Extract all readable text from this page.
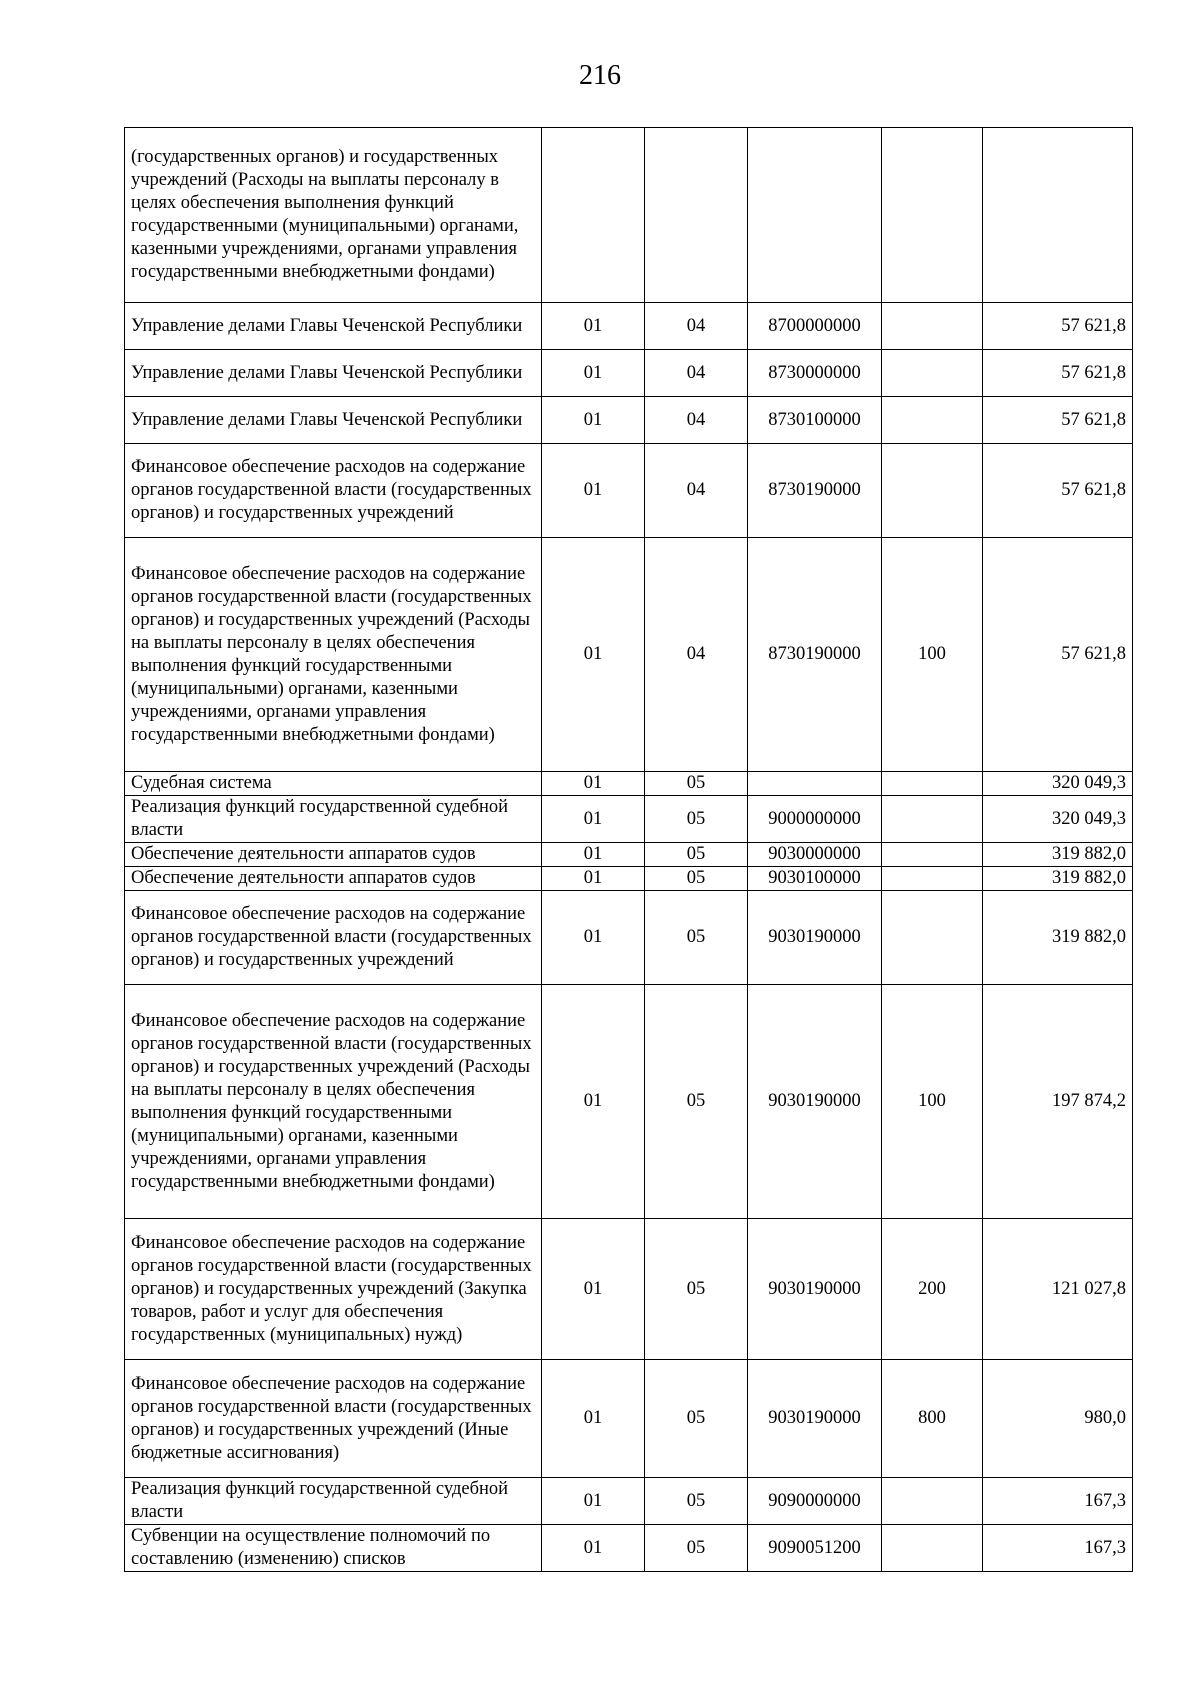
216
(государственных органов) и государственных учреждений (Расходы на выплаты персоналу в целях обеспечения выполнения функций государственными (муниципальными) органами, казенными учреждениями, органами управления государственными внебюджетными фондами)					
Управление делами Главы Чеченской Республики	01	04	8700000000		57 621,8
Управление делами Главы Чеченской Республики	01	04	8730000000		57 621,8
Управление делами Главы Чеченской Республики	01	04	8730100000		57 621,8
Финансовое обеспечение расходов на содержание органов государственной власти (государственных органов) и государственных учреждений	01	04	8730190000		57 621,8
Финансовое обеспечение расходов на содержание органов государственной власти (государственных органов) и государственных учреждений (Расходы на выплаты персоналу в целях обеспечения выполнения функций государственными (муниципальными) органами, казенными учреждениями, органами управления государственными внебюджетными фондами)	01	04	8730190000	100	57 621,8
Судебная система	01	05			320 049,3
Реализация функций государственной судебной власти	01	05	9000000000		320 049,3
Обеспечение деятельности аппаратов судов	01	05	9030000000		319 882,0
Обеспечение деятельности аппаратов судов	01	05	9030100000		319 882,0
Финансовое обеспечение расходов на содержание органов государственной власти (государственных органов) и государственных учреждений	01	05	9030190000		319 882,0
Финансовое обеспечение расходов на содержание органов государственной власти (государственных органов) и государственных учреждений (Расходы на выплаты персоналу в целях обеспечения выполнения функций государственными (муниципальными) органами, казенными учреждениями, органами управления государственными внебюджетными фондами)	01	05	9030190000	100	197 874,2
Финансовое обеспечение расходов на содержание органов государственной власти (государственных органов) и государственных учреждений (Закупка товаров, работ и услуг для обеспечения государственных (муниципальных) нужд)	01	05	9030190000	200	121 027,8
Финансовое обеспечение расходов на содержание органов государственной власти (государственных органов) и государственных учреждений (Иные бюджетные ассигнования)	01	05	9030190000	800	980,0
Реализация функций государственной судебной власти	01	05	9090000000		167,3
Субвенции на осуществление полномочий по составлению (изменению) списков	01	05	9090051200		167,3
